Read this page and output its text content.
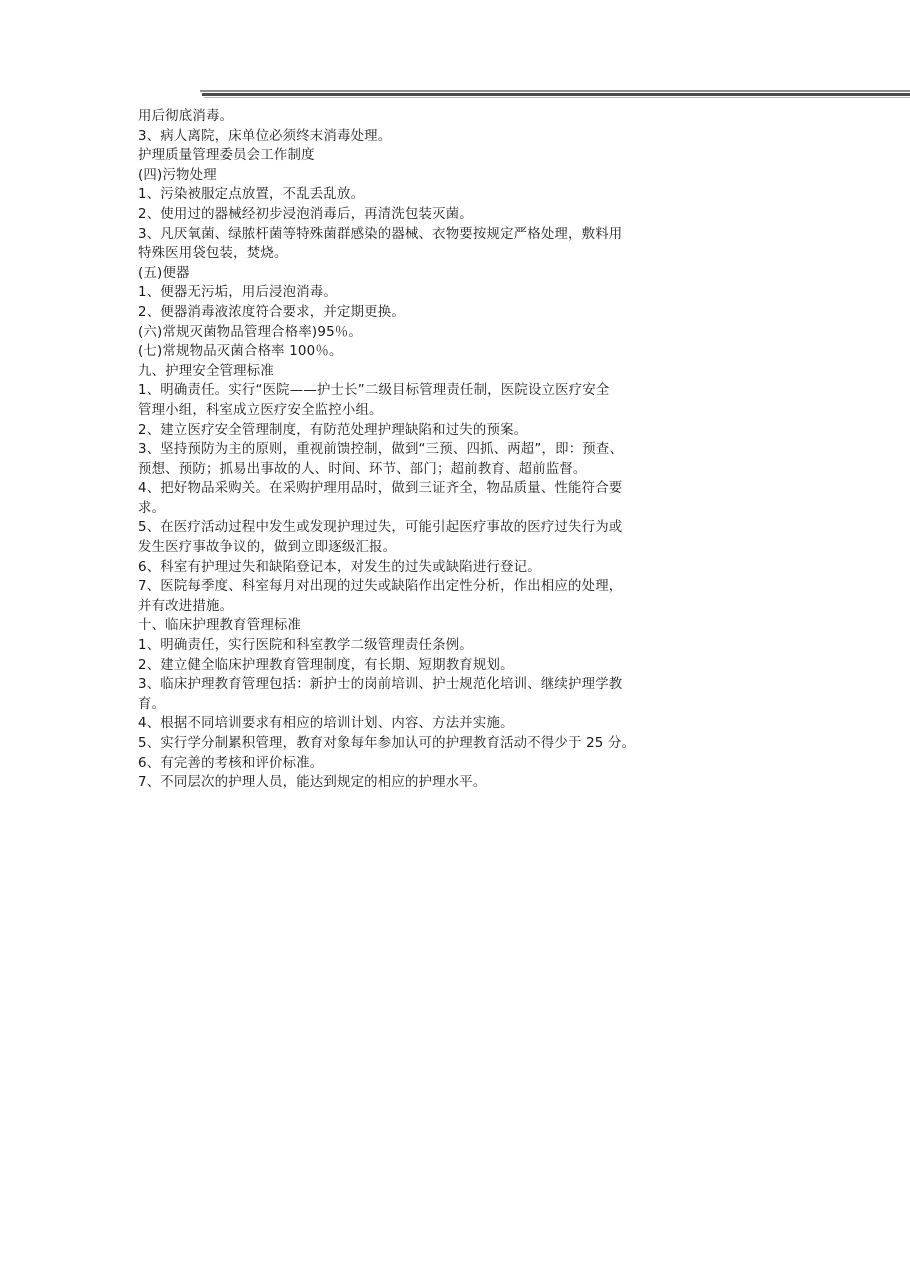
用后彻底消毒。
3、病人离院，床单位必须终末消毒处理。
护理质量管理委员会工作制度
(四)污物处理
1、污染被服定点放置，不乱丢乱放。
2、使用过的器械经初步浸泡消毒后，再清洗包装灭菌。
3、凡厌氧菌、绿脓杆菌等特殊菌群感染的器械、衣物要按规定严格处理，敷料用
特殊医用袋包装，焚烧。
(五)便器
1、便器无污垢，用后浸泡消毒。
2、便器消毒液浓度符合要求，并定期更换。
(六)常规灭菌物品管理合格率)95％。
(七)常规物品灭菌合格率 100％。
九、护理安全管理标准
1、明确责任。实行“医院——护士长”二级目标管理责任制，医院设立医疗安全
管理小组，科室成立医疗安全监控小组。
2、建立医疗安全管理制度，有防范处理护理缺陷和过失的预案。
3、坚持预防为主的原则，重视前馈控制，做到“三预、四抓、两超”，即：预查、
预想、预防；抓易出事故的人、时间、环节、部门；超前教育、超前监督。
4、把好物品采购关。在采购护理用品时，做到三证齐全，物品质量、性能符合要
求。
5、在医疗活动过程中发生或发现护理过失，可能引起医疗事故的医疗过失行为或
发生医疗事故争议的，做到立即逐级汇报。
6、科室有护理过失和缺陷登记本，对发生的过失或缺陷进行登记。
7、医院每季度、科室每月对出现的过失或缺陷作出定性分析，作出相应的处理，
并有改进措施。
十、临床护理教育管理标准
1、明确责任，实行医院和科室教学二级管理责任条例。
2、建立健全临床护理教育管理制度，有长期、短期教育规划。
3、临床护理教育管理包括：新护士的岗前培训、护士规范化培训、继续护理学教
育。
4、根据不同培训要求有相应的培训计划、内容、方法并实施。
5、实行学分制累积管理，教育对象每年参加认可的护理教育活动不得少于 25 分。
6、有完善的考核和评价标准。
7、不同层次的护理人员，能达到规定的相应的护理水平。
